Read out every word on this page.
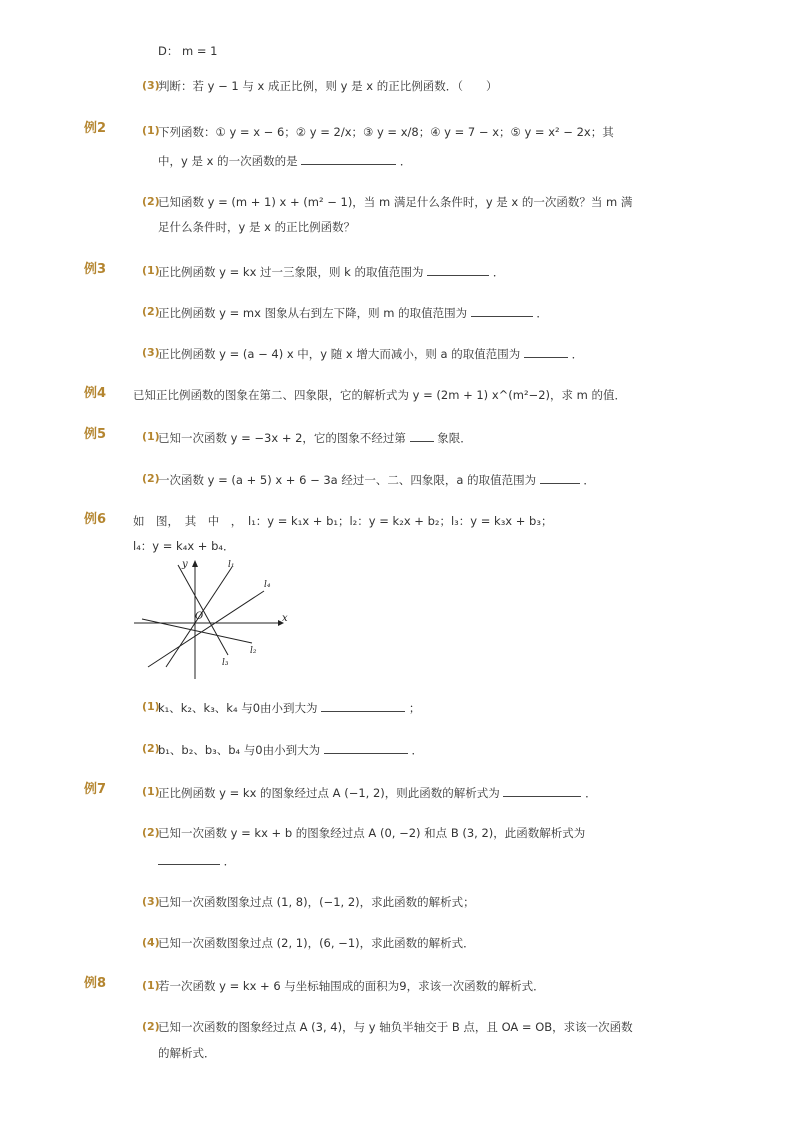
D： m = 1
(3)
判断：若 y − 1 与 x 成正比例，则 y 是 x 的正比例函数．（　　）
例2	(1)
下列函数：① y = x − 6；② y = 2/x；③ y = x/8；④ y = 7 − x；⑤ y = x² − 2x；其
中，y 是 x 的一次函数的是	．
(2)
已知函数 y = (m + 1) x + (m² − 1)，当 m 满足什么条件时，y 是 x 的一次函数？当 m 满
足什么条件时，y 是 x 的正比例函数？
例3	(1)
正比例函数 y = kx 过一三象限，则 k 的取值范围为	．
(2)
正比例函数 y = mx 图象从右到左下降，则 m 的取值范围为	．
(3)
正比例函数 y = (a − 4) x 中，y 随 x 增大而减小，则 a 的取值范围为	．
例4 已知正比例函数的图象在第二、四象限，它的解析式为 y = (2m + 1) x^(m²−2)，求 m 的值．
例5	(1)
已知一次函数 y = −3x + 2，它的图象不经过第	象限．
(2)
一次函数 y = (a + 5) x + 6 − 3a 经过一、二、四象限，a 的取值范围为	．
例6 如　图，　其　中　，　l₁：y = k₁x + b₁；l₂：y = k₂x + b₂；l₃：y = k₃x + b₃；
l₄：y = k₄x + b₄．
y
x
O
l₁
l₄
l₂
l₃
(1)
k₁、k₂、k₃、k₄ 与0由小到大为	；
(2)
b₁、b₂、b₃、b₄ 与0由小到大为	．
例7	(1)
正比例函数 y = kx 的图象经过点 A (−1, 2)，则此函数的解析式为	．
(2)
已知一次函数 y = kx + b 的图象经过点 A (0, −2) 和点 B (3, 2)，此函数解析式为
．
(3)
已知一次函数图象过点 (1, 8)，(−1, 2)，求此函数的解析式；
(4)
已知一次函数图象过点 (2, 1)，(6, −1)，求此函数的解析式．
例8	(1)
若一次函数 y = kx + 6 与坐标轴围成的面积为9，求该一次函数的解析式．
(2)
已知一次函数的图象经过点 A (3, 4)，与 y 轴负半轴交于 B 点，且 OA = OB，求该一次函数
的解析式．
